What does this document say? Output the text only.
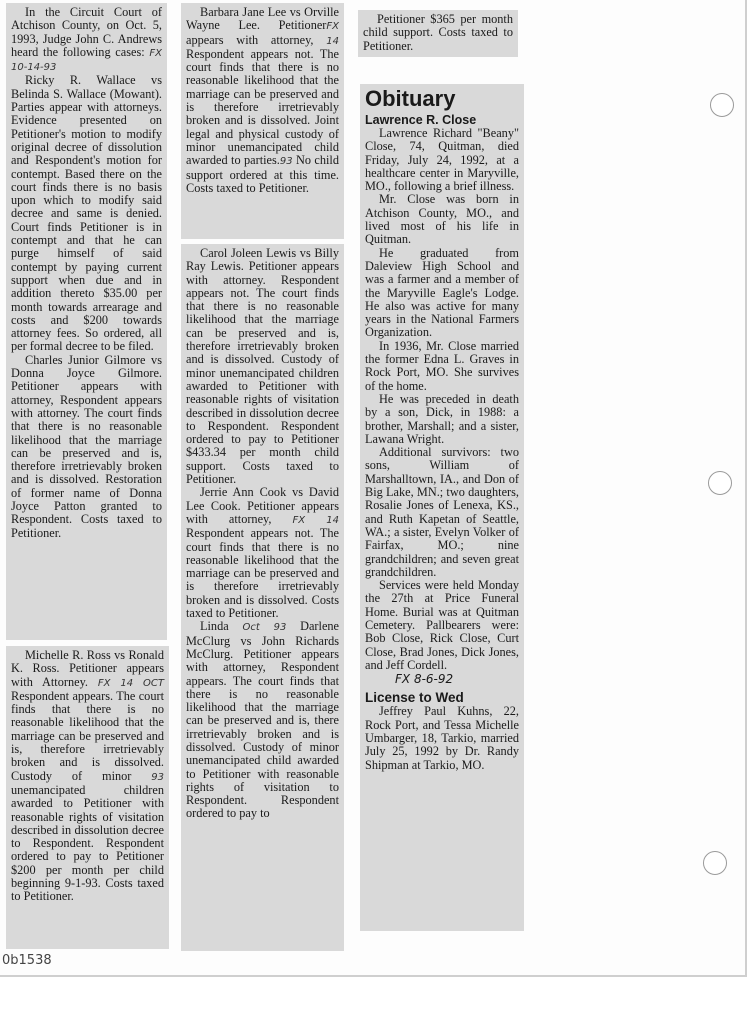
In the Circuit Court of Atchison County, on Oct. 5, 1993, Judge John C. Andrews heard the following cases: FX 10-14-93

Ricky R. Wallace vs Belinda S. Wallace (Mowant). Parties appear with attorneys. Evidence presented on Petitioner's motion to modify original decree of dissolution and Respondent's motion for contempt. Based there on the court finds there is no basis upon which to modify said decree and same is denied. Court finds Petitioner is in contempt and that he can purge himself of said contempt by paying current support when due and in addition thereto $35.00 per month towards arrearage and costs and $200 towards attorney fees. So ordered, all per formal decree to be filed.

Charles Junior Gilmore vs Donna Joyce Gilmore. Petitioner appears with attorney, Respondent appears with attorney. The court finds that there is no reasonable likelihood that the marriage can be preserved and is, therefore irretrievably broken and is dissolved. Restoration of former name of Donna Joyce Patton granted to Respondent. Costs taxed to Petitioner.

Michelle R. Ross vs Ronald K. Ross. Petitioner appears with Attorney. FX 14 OCT Respondent appears. The court finds that there is no reasonable likelihood that the marriage can be preserved and is, therefore irretrievably broken and is dissolved. Custody of minor 93 unemancipated children awarded to Petitioner with reasonable rights of visitation described in dissolution decree to Respondent. Respondent ordered to pay to Petitioner $200 per month per child beginning 9-1-93. Costs taxed to Petitioner.

Barbara Jane Lee vs Orville Wayne Lee. PetitionerFX appears with attorney, 14 Respondent appears not. The court finds that there is no reasonable likelihood that the marriage can be preserved and is therefore irretrievably broken and is dissolved. Joint legal and physical custody of minor unemancipated child awarded to parties.93 No child support ordered at this time. Costs taxed to Petitioner.

Carol Joleen Lewis vs Billy Ray Lewis. Petitioner appears with attorney. Respondent appears not. The court finds that there is no reasonable likelihood that the marriage can be preserved and is, therefore irretrievably broken and is dissolved. Custody of minor unemancipated children awarded to Petitioner with reasonable rights of visitation described in dissolution decree to Respondent. Respondent ordered to pay to Petitioner $433.34 per month child support. Costs taxed to Petitioner.

Jerrie Ann Cook vs David Lee Cook. Petitioner appears with attorney, FX 14 Respondent appears not. The court finds that there is no reasonable likelihood that the marriage can be preserved and is therefore irretrievably broken and is dissolved. Costs taxed to Petitioner.

Linda Oct 93 Darlene McClurg vs John Richards McClurg. Petitioner appears with attorney, Respondent appears. The court finds that there is no reasonable likelihood that the marriage can be preserved and is, there irretrievably broken and is dissolved. Custody of minor unemancipated child awarded to Petitioner with reasonable rights of visitation to Respondent. Respondent ordered to pay to

Petitioner $365 per month child support. Costs taxed to Petitioner.

Obituary
Lawrence R. Close

Lawrence Richard "Beany" Close, 74, Quitman, died Friday, July 24, 1992, at a healthcare center in Maryville, MO., following a brief illness.

Mr. Close was born in Atchison County, MO., and lived most of his life in Quitman.

He graduated from Daleview High School and was a farmer and a member of the Maryville Eagle's Lodge. He also was active for many years in the National Farmers Organization.

In 1936, Mr. Close married the former Edna L. Graves in Rock Port, MO. She survives of the home.

He was preceded in death by a son, Dick, in 1988: a brother, Marshall; and a sister, Lawana Wright.

Additional survivors: two sons, William of Marshalltown, IA., and Don of Big Lake, MN.; two daughters, Rosalie Jones of Lenexa, KS., and Ruth Kapetan of Seattle, WA.; a sister, Evelyn Volker of Fairfax, MO.; nine grandchildren; and seven great grandchildren.

Services were held Monday the 27th at Price Funeral Home. Burial was at Quitman Cemetery. Pallbearers were: Bob Close, Rick Close, Curt Close, Brad Jones, Dick Jones, and Jeff Cordell.

FX 8-6-92

License to Wed

Jeffrey Paul Kuhns, 22, Rock Port, and Tessa Michelle Umbarger, 18, Tarkio, married July 25, 1992 by Dr. Randy Shipman at Tarkio, MO.

0b1538
